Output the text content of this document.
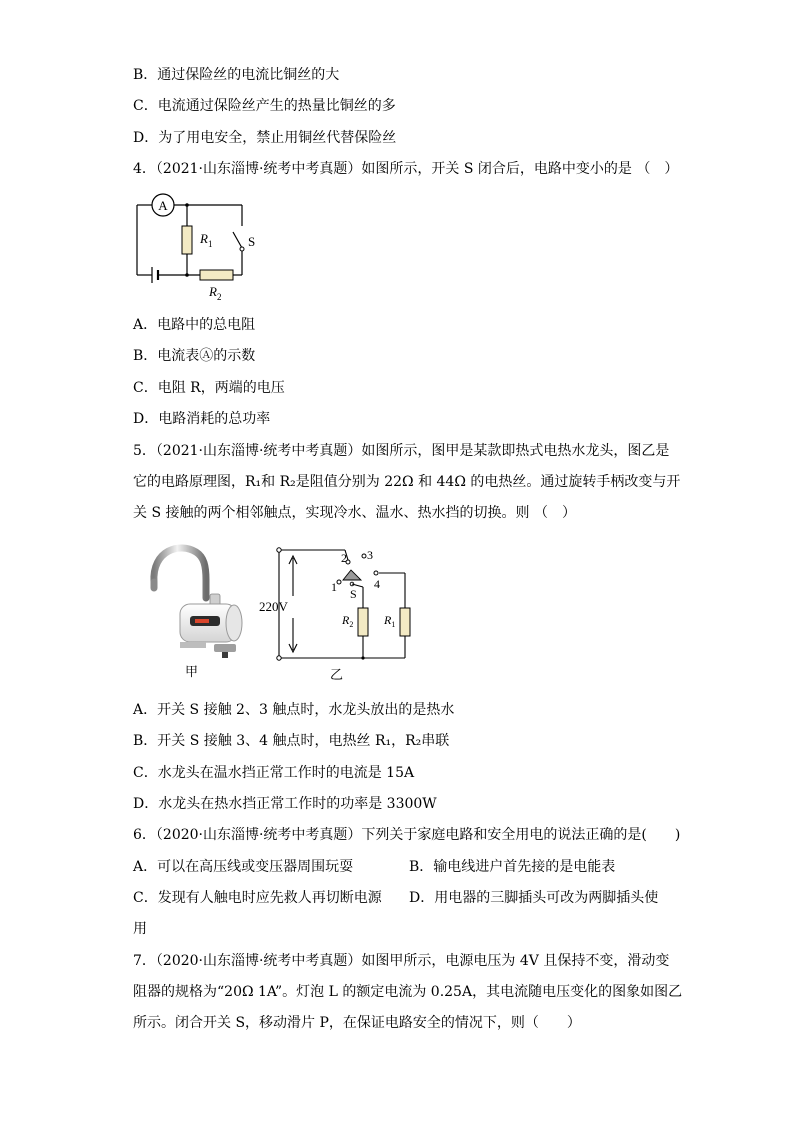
B．通过保险丝的电流比铜丝的大
C．电流通过保险丝产生的热量比铜丝的多
D．为了用电安全，禁止用铜丝代替保险丝
4．（2021·山东淄博·统考中考真题）如图所示，开关 S 闭合后，电路中变小的是 （　）
A
$R_1$
$R_2$
S
A．电路中的总电阻
B．电流表Ⓐ的示数
C．电阻 R，两端的电压
D．电路消耗的总功率
5．（2021·山东淄博·统考中考真题）如图所示，图甲是某款即热式电热水龙头，图乙是
它的电路原理图，R₁和 R₂是阻值分别为 22Ω 和 44Ω 的电热丝。通过旋转手柄改变与开
关 S 接触的两个相邻触点，实现冷水、温水、热水挡的切换。则 （　）
甲
220V
1
2 3
4
S
$R_2$	$R_1$
乙
A．开关 S 接触 2、3 触点时，水龙头放出的是热水
B．开关 S 接触 3、4 触点时，电热丝 R₁，R₂串联
C．水龙头在温水挡正常工作时的电流是 15A
D．水龙头在热水挡正常工作时的功率是 3300W
6．（2020·山东淄博·统考中考真题）下列关于家庭电路和安全用电的说法正确的是(　　)
A．可以在高压线或变压器周围玩耍	B．输电线进户首先接的是电能表
C．发现有人触电时应先救人再切断电源 D．用电器的三脚插头可改为两脚插头使
用
7．（2020·山东淄博·统考中考真题）如图甲所示，电源电压为 4V 且保持不变，滑动变
阻器的规格为“20Ω 1A”。灯泡 L 的额定电流为 0.25A，其电流随电压变化的图象如图乙
所示。闭合开关 S，移动滑片 P，在保证电路安全的情况下，则（　　）
